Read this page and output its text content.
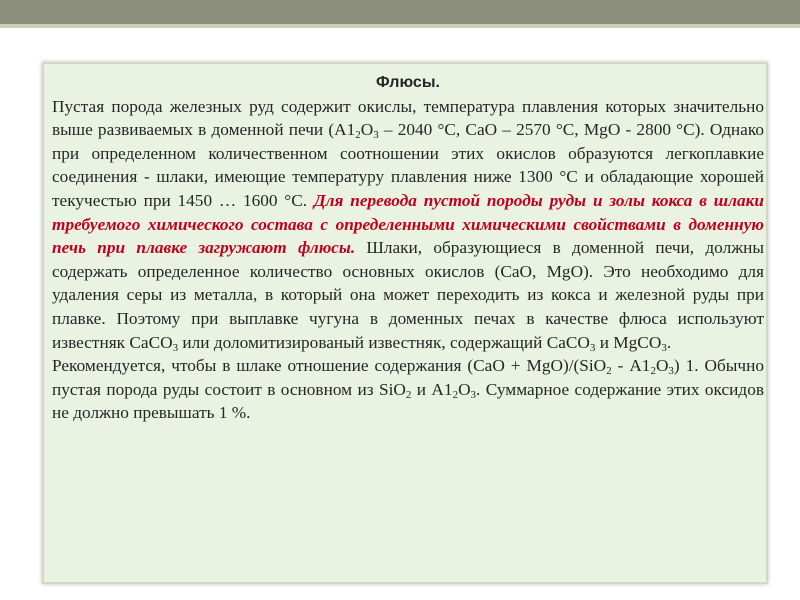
Флюсы.

Пустая порода железных руд содержит окислы, температура плавления которых значительно выше развиваемых в доменной печи ($А1_2O_3 - 2040$ °С, СаО – 2570 °С, MgO - 2800 °С). Однако при определенном количественном соотношении этих окислов образуются легкоплавкие соединения - шлаки, имеющие температуру плавления ниже 1300 °С и обладающие хорошей текучестью при 1450 … 1600 °С. Для перевода пустой породы руды и золы кокса в шлаки требуемого химического состава с определенными химическими свойствами в доменную печь при плавке загружают флюсы. Шлаки, образующиеся в доменной печи, должны содержать определенное количество основных окислов (СаО, MgO). Это необходимо для удаления серы из металла, в который она может переходить из кокса и железной руды при плавке. Поэтому при выплавке чугуна в доменных печах в качестве флюса используют известняк СаСО$_3$ или доломитизированый известняк, содержащий СаСО$_3$ и MgСО$_3$.

Рекомендуется, чтобы в шлаке отношение содержания $(СаО + MgO)/(SiO_2 - А1_2O_3)$ 1. Обычно пустая порода руды состоит в основном из SiO$_2$ и $А1_2O_3$. Суммарное содержание этих оксидов не должно превышать 1 %.
